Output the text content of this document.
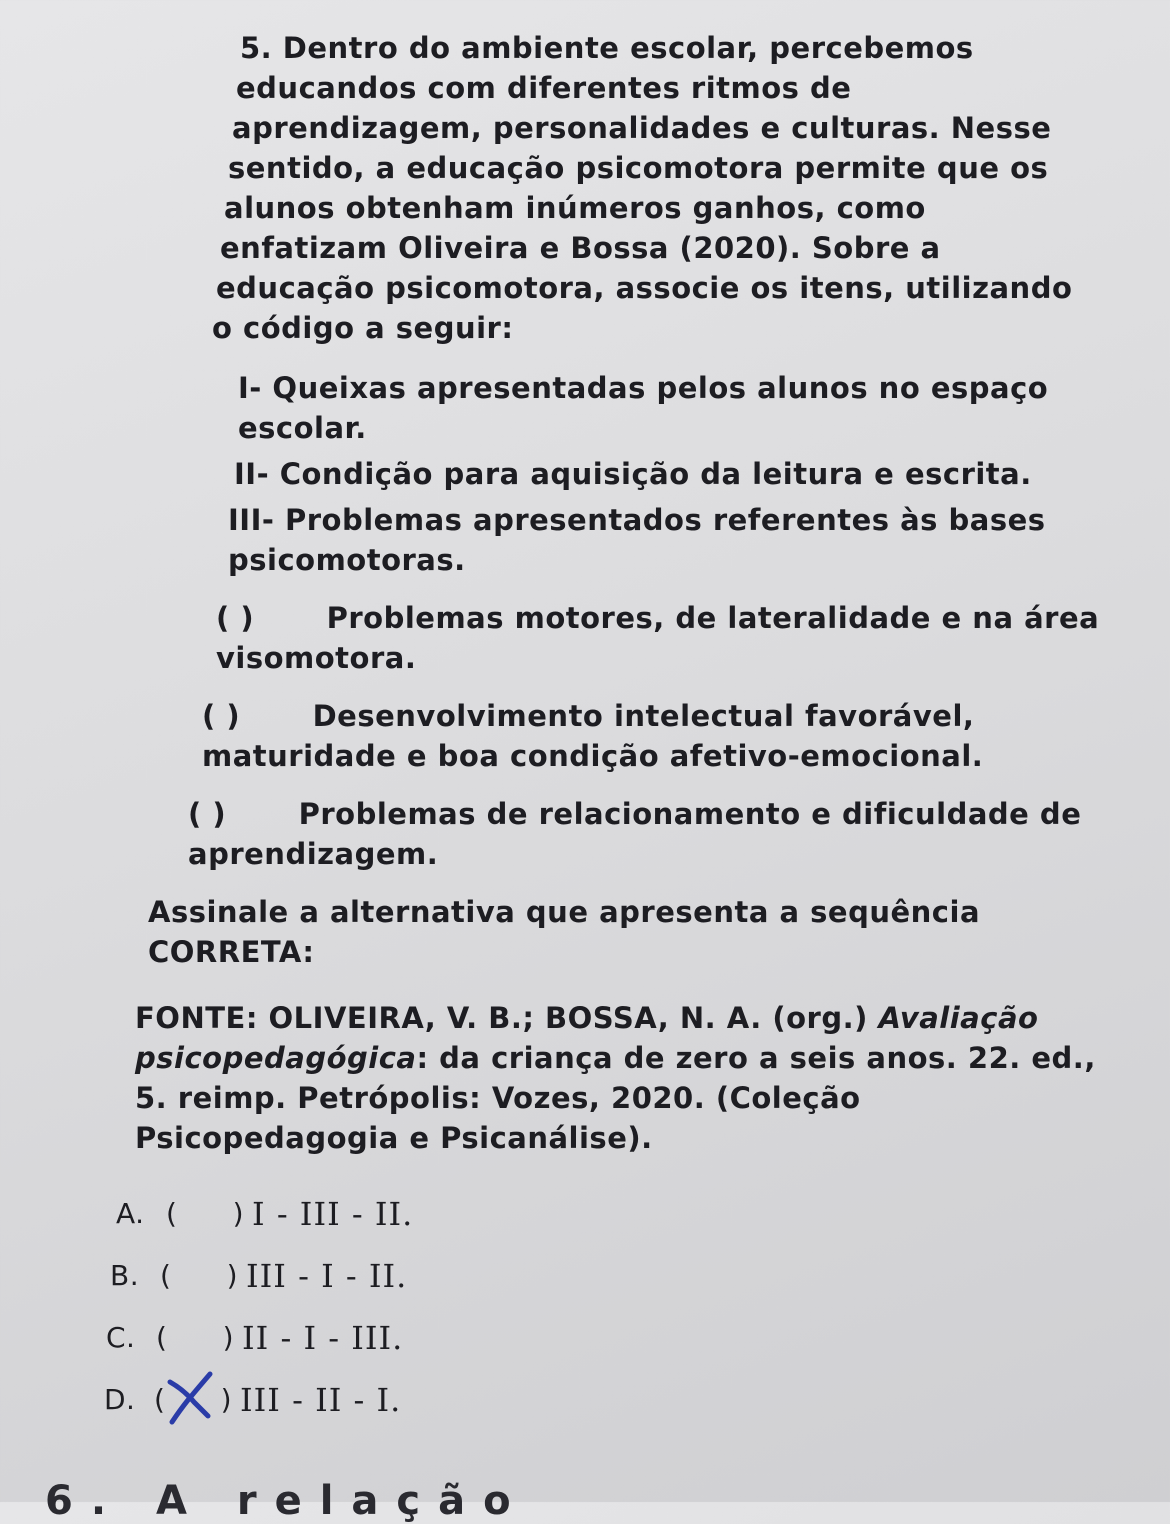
5. Dentro do ambiente escolar, percebemos
educandos com diferentes ritmos de
aprendizagem, personalidades e culturas. Nesse
sentido, a educação psicomotora permite que os
alunos obtenham inúmeros ganhos, como
enfatizam Oliveira e Bossa (2020). Sobre a
educação psicomotora, associe os itens, utilizando
o código a seguir:
I- Queixas apresentadas pelos alunos no espaço escolar.
II- Condição para aquisição da leitura e escrita.
III- Problemas apresentados referentes às bases psicomotoras.
( )	Problemas motores, de lateralidade e na área visomotora.
( )	Desenvolvimento intelectual favorável, maturidade e boa condição afetivo-emocional.
( )	Problemas de relacionamento e dificuldade de aprendizagem.
Assinale a alternativa que apresenta a sequência CORRETA:
FONTE: OLIVEIRA, V. B.; BOSSA, N. A. (org.) Avaliação psicopedagógica: da criança de zero a seis anos. 22. ed., 5. reimp. Petrópolis: Vozes, 2020. (Coleção Psicopedagogia e Psicanálise).
A. ( ) I - III - II.
B. ( ) III - I - II.
C. ( ) II - I - III.
D. ( ) III - II - I.
6. A relação
